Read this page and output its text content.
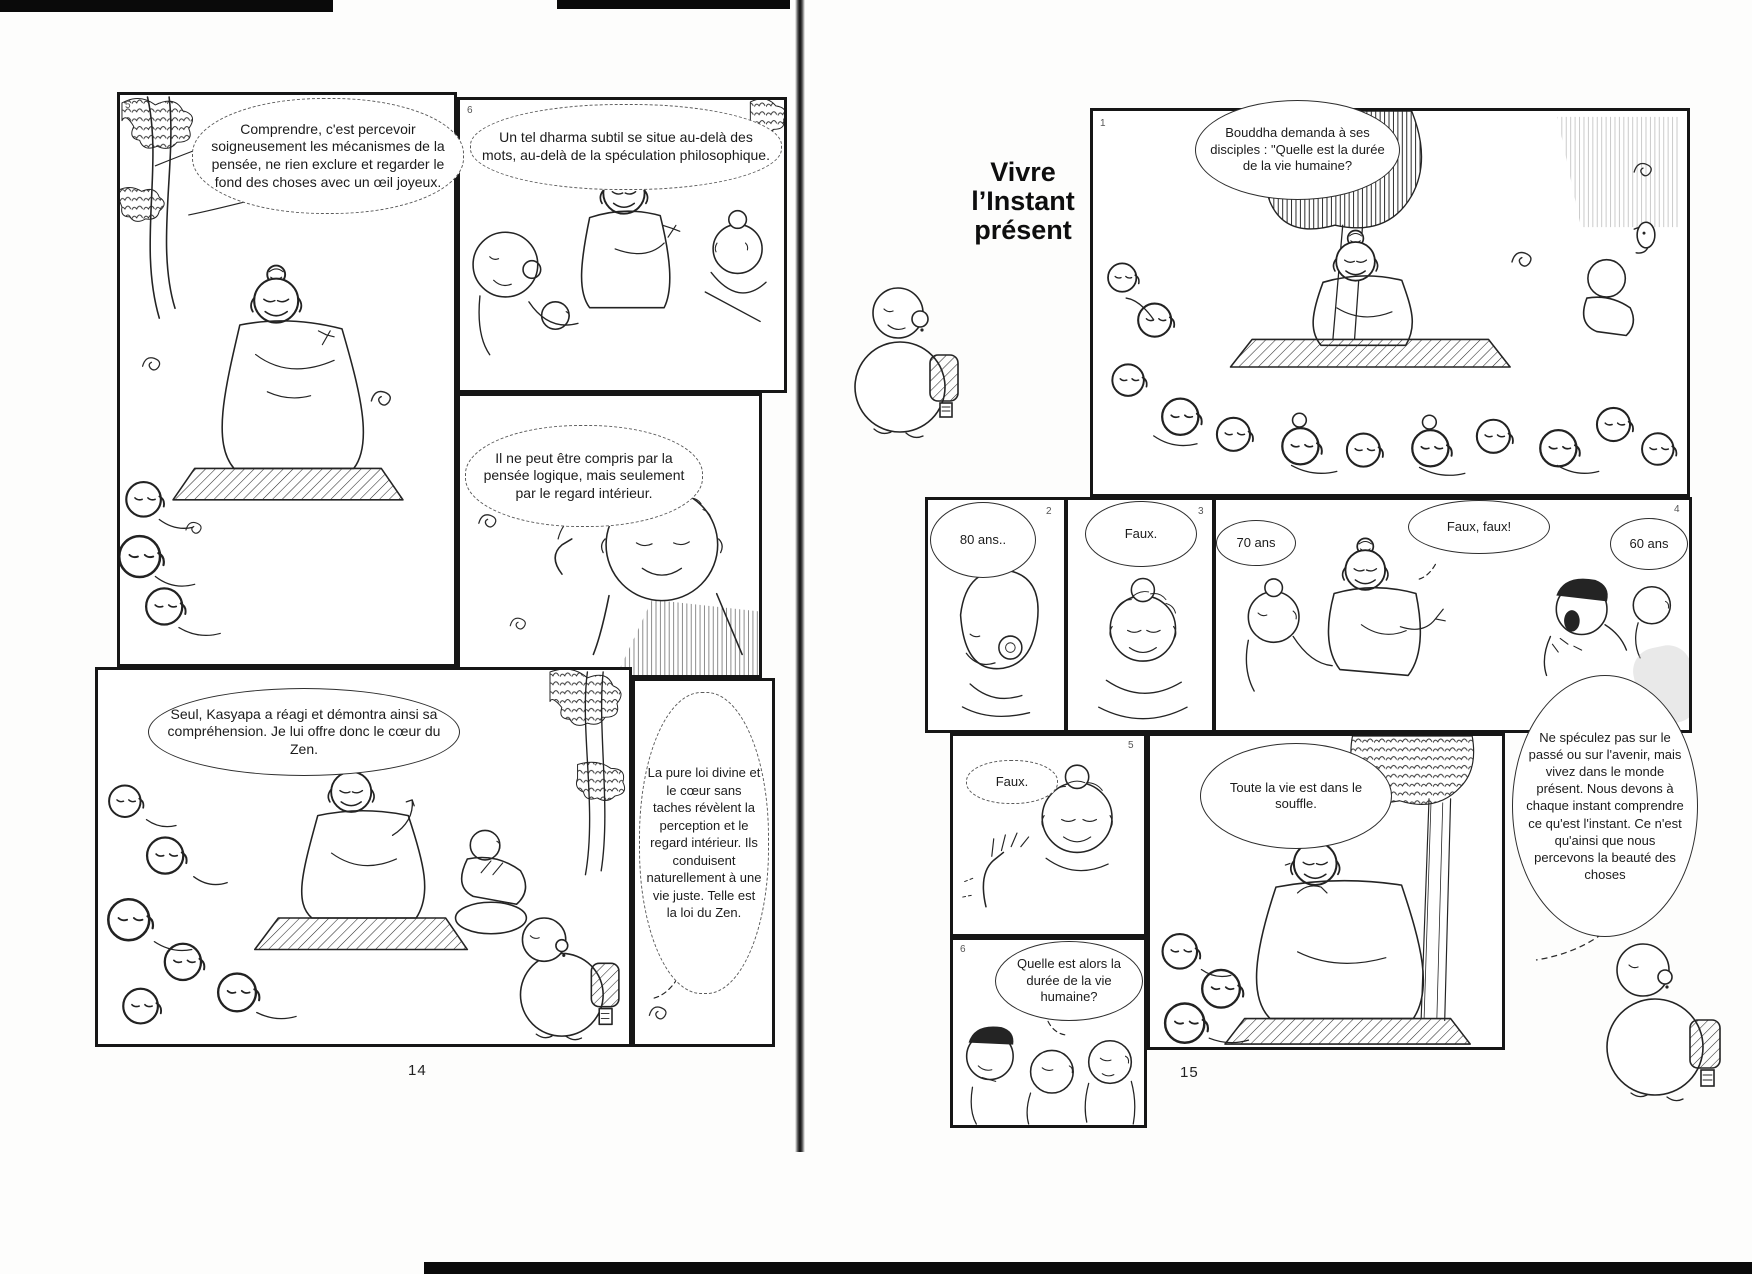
Comprendre, c'est percevoir soigneusement les mécanismes de la pensée, ne rien exclure et regarder le fond des choses avec un œil joyeux.
Un tel dharma subtil se situe au-delà des mots, au-delà de la spéculation philosophique.
Il ne peut être compris par la pensée logique, mais seulement par le regard intérieur.
Seul, Kasyapa a réagi et démontra ainsi sa compréhension. Je lui offre donc le cœur du Zen.
La pure loi divine et le cœur sans taches révèlent la perception et le regard intérieur. Ils conduisent naturellement à une vie juste. Telle est la loi du Zen.
5	6
14
Vivre
l’Instant
présent
Bouddha demanda à ses disciples : "Quelle est la durée de la vie humaine?
80 ans..	Faux.
70 ans
Faux, faux!
60 ans
Faux.
Quelle est alors la durée de la vie humaine?
Toute la vie est dans le souffle.
Ne spéculez pas sur le passé ou sur l'avenir, mais vivez dans le monde présent. Nous devons à chaque instant comprendre ce qu'est l'instant. Ce n'est qu'ainsi que nous percevons la beauté des choses
1
2	3	4
5
6
15
